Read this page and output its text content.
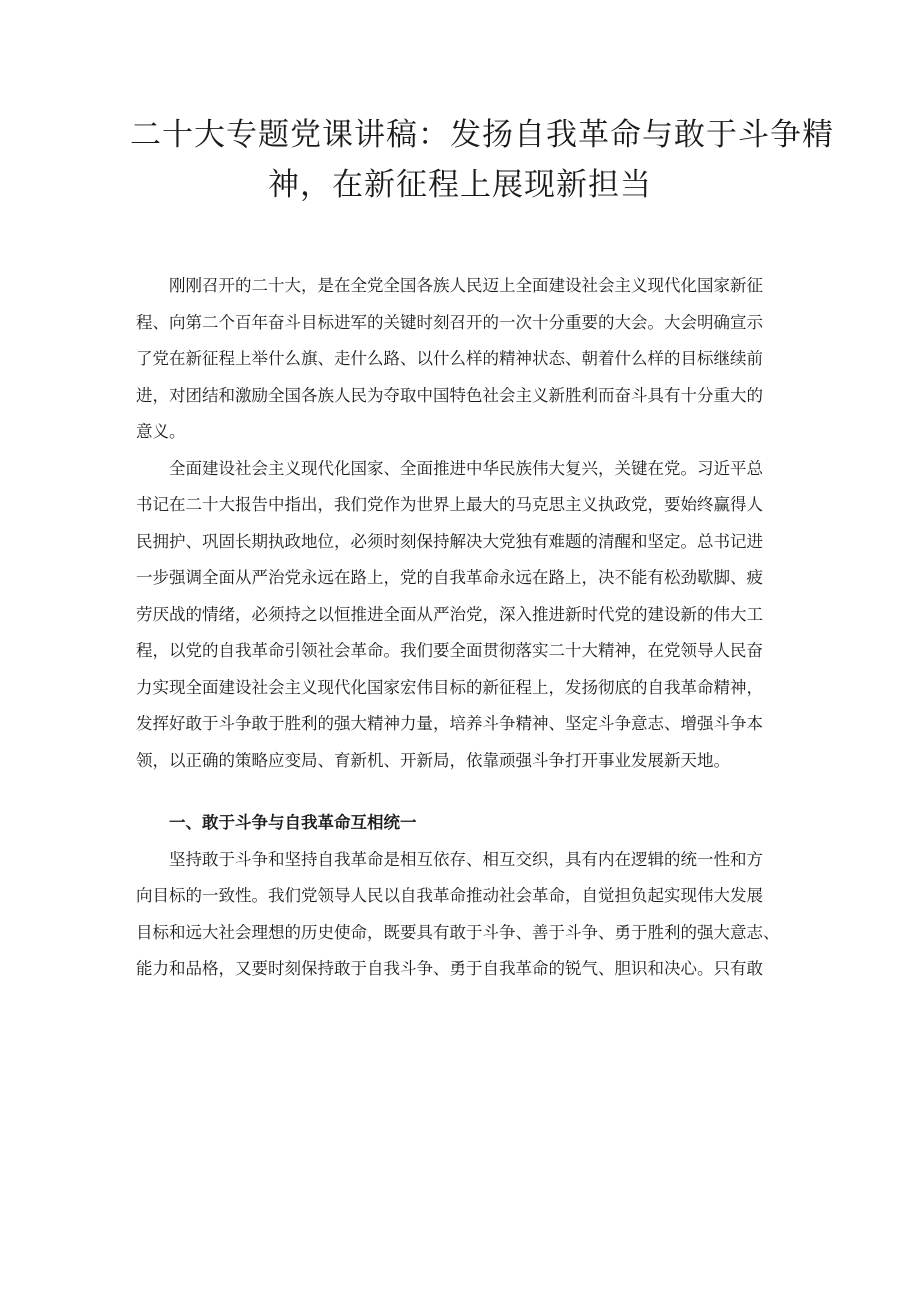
二十大专题党课讲稿：发扬自我革命与敢于斗争精
神，在新征程上展现新担当
刚刚召开的二十大，是在全党全国各族人民迈上全面建设社会主义现代化国家新征
程、向第二个百年奋斗目标进军的关键时刻召开的一次十分重要的大会。大会明确宣示
了党在新征程上举什么旗、走什么路、以什么样的精神状态、朝着什么样的目标继续前
进，对团结和激励全国各族人民为夺取中国特色社会主义新胜利而奋斗具有十分重大的
意义。
全面建设社会主义现代化国家、全面推进中华民族伟大复兴，关键在党。习近平总
书记在二十大报告中指出，我们党作为世界上最大的马克思主义执政党，要始终赢得人
民拥护、巩固长期执政地位，必须时刻保持解决大党独有难题的清醒和坚定。总书记进
一步强调全面从严治党永远在路上，党的自我革命永远在路上，决不能有松劲歇脚、疲
劳厌战的情绪，必须持之以恒推进全面从严治党，深入推进新时代党的建设新的伟大工
程，以党的自我革命引领社会革命。我们要全面贯彻落实二十大精神，在党领导人民奋
力实现全面建设社会主义现代化国家宏伟目标的新征程上，发扬彻底的自我革命精神，
发挥好敢于斗争敢于胜利的强大精神力量，培养斗争精神、坚定斗争意志、增强斗争本
领，以正确的策略应变局、育新机、开新局，依靠顽强斗争打开事业发展新天地。
一、敢于斗争与自我革命互相统一
坚持敢于斗争和坚持自我革命是相互依存、相互交织，具有内在逻辑的统一性和方
向目标的一致性。我们党领导人民以自我革命推动社会革命，自觉担负起实现伟大发展
目标和远大社会理想的历史使命，既要具有敢于斗争、善于斗争、勇于胜利的强大意志、
能力和品格，又要时刻保持敢于自我斗争、勇于自我革命的锐气、胆识和决心。只有敢
